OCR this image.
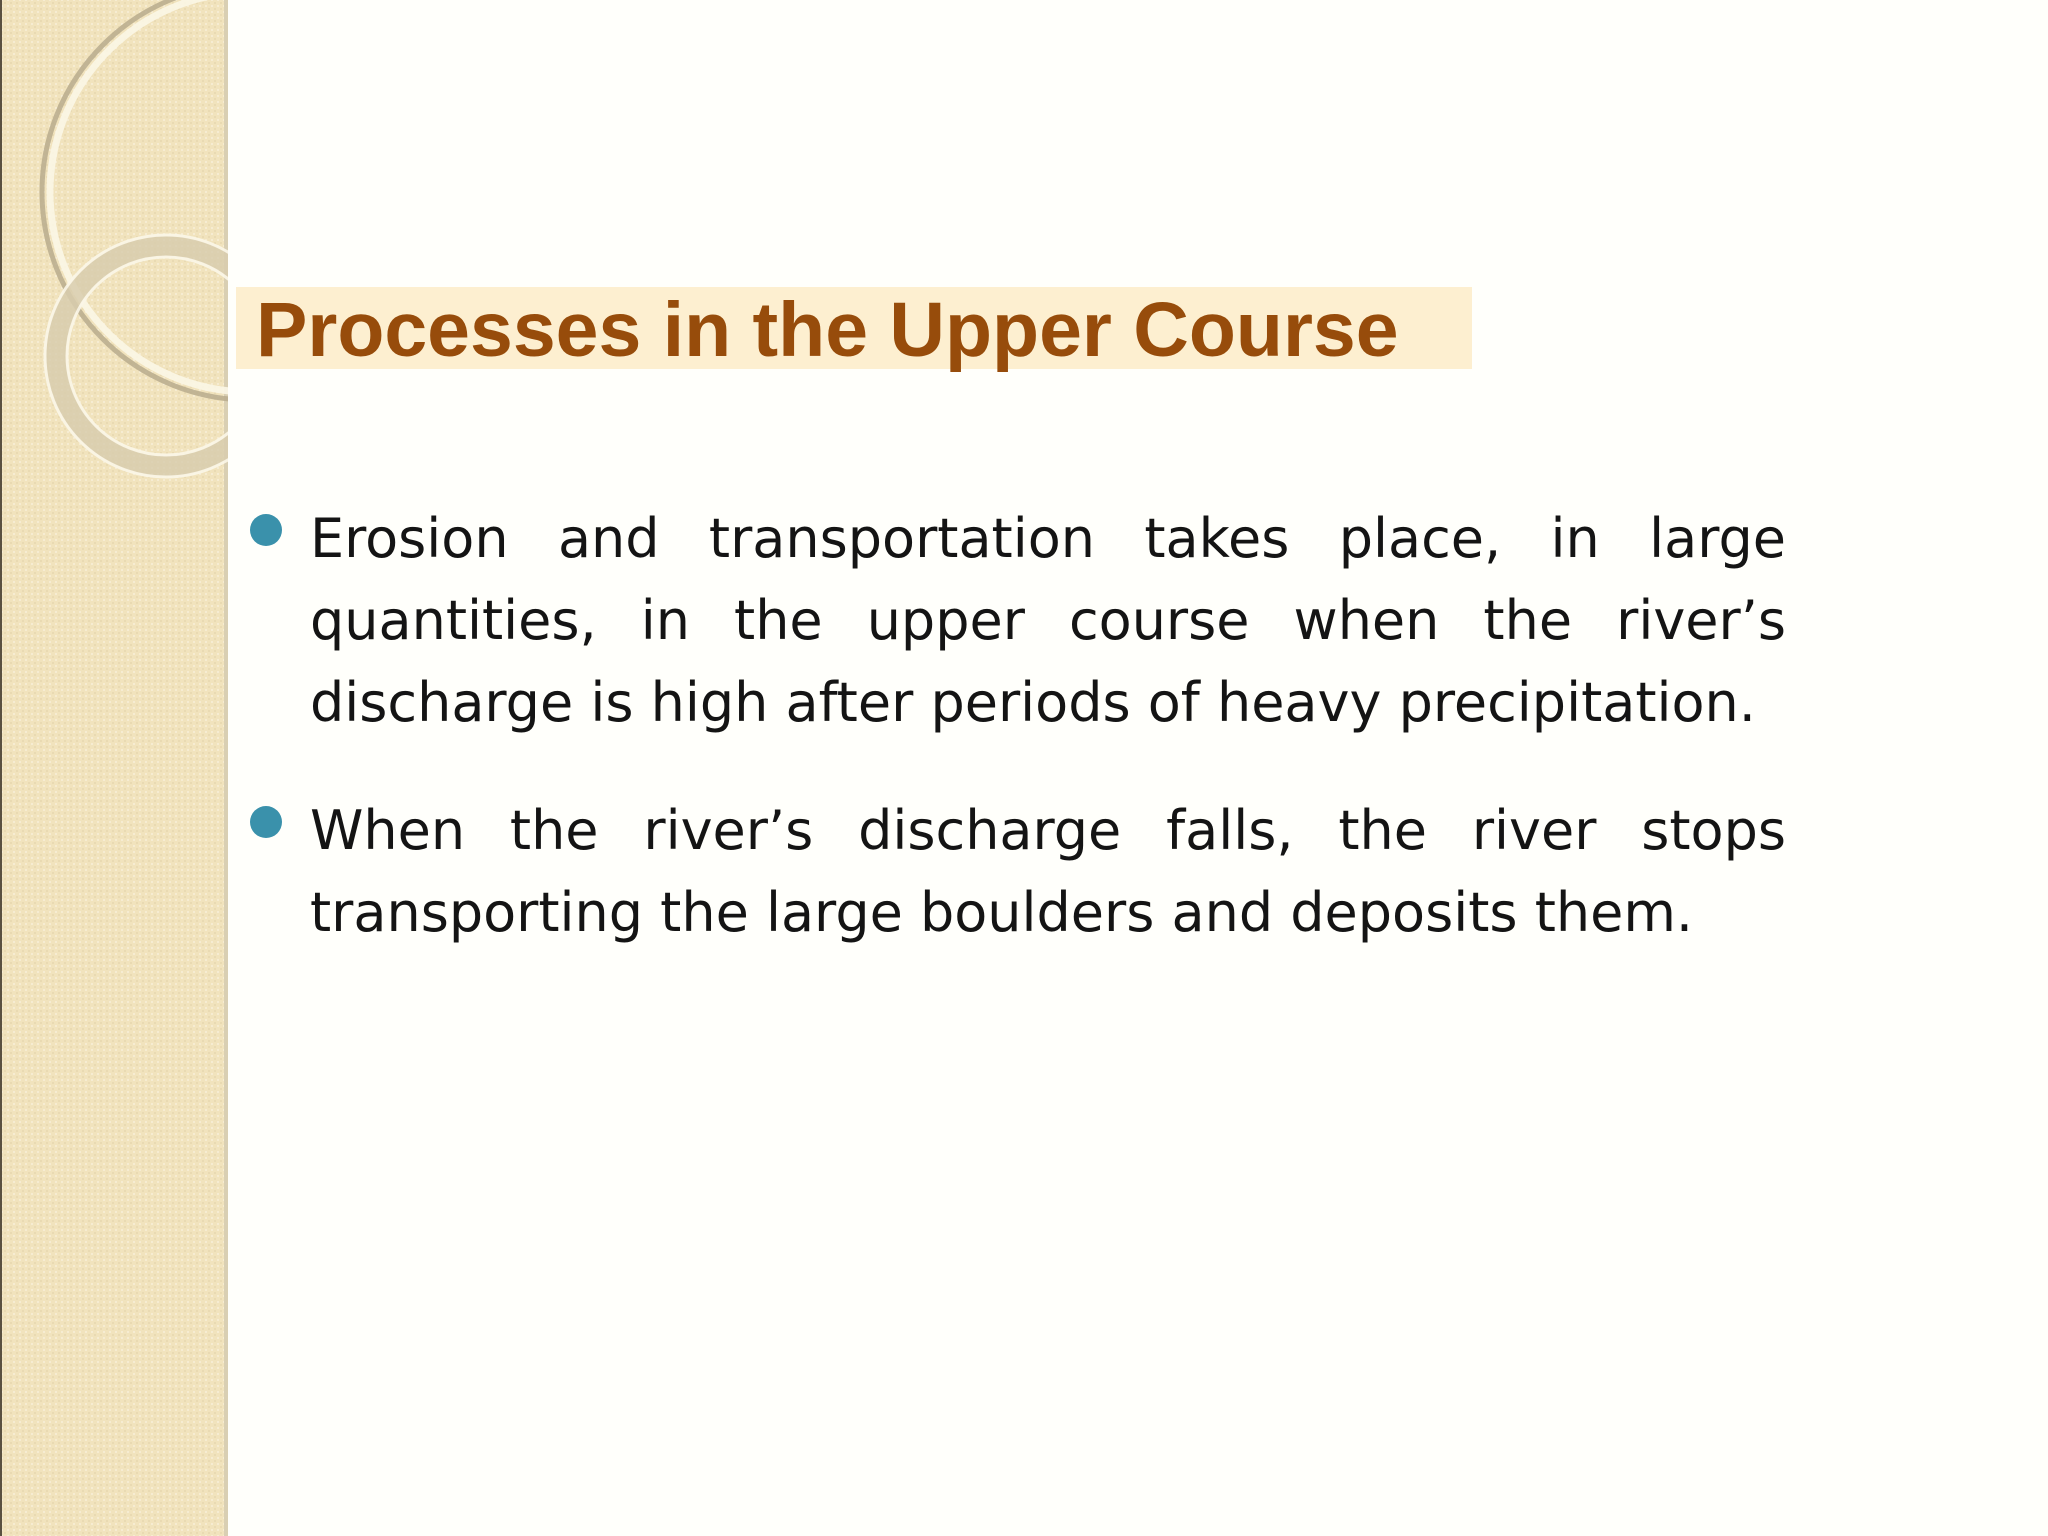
Processes in the Upper Course
Erosion and transportation takes place, in large quantities, in the upper course when the river’s discharge is high after periods of heavy precipitation.
When the river’s discharge falls, the river stops transporting the large boulders and deposits them.
